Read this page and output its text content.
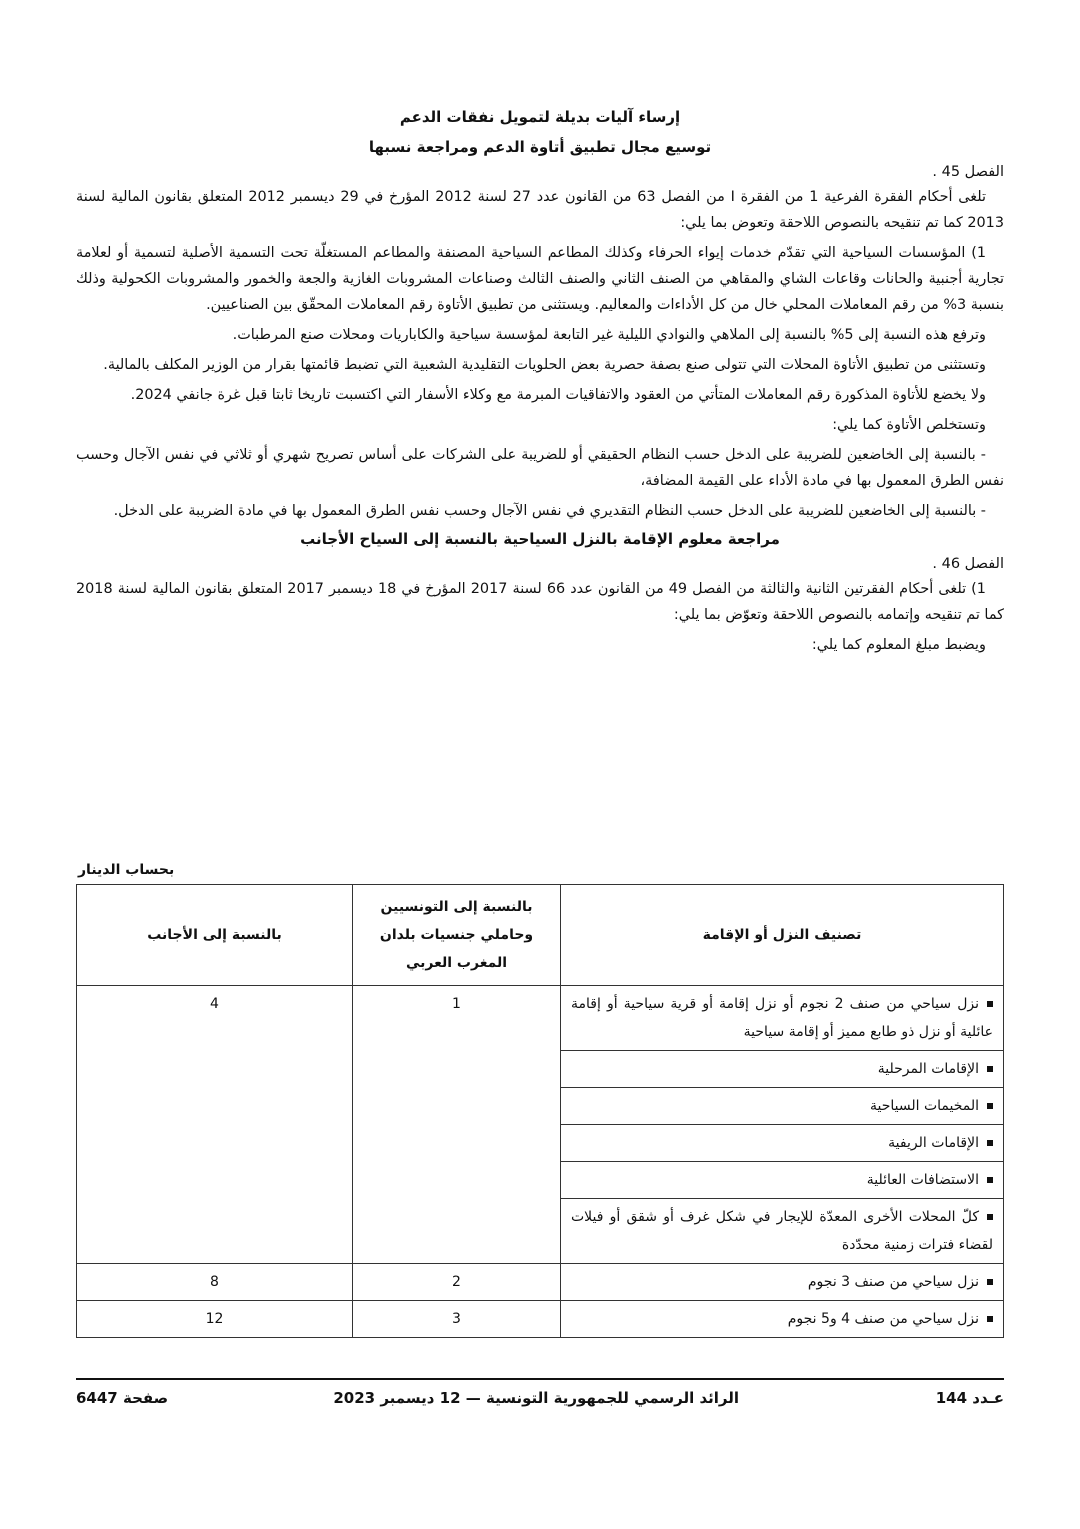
إرساء آليات بديلة لتمويل نفقات الدعم

توسيع مجال تطبيق أتاوة الدعم ومراجعة نسبها

الفصل 45 .

تلغى أحكام الفقرة الفرعية 1 من الفقرة I من الفصل 63 من القانون عدد 27 لسنة 2012 المؤرخ في 29 ديسمبر 2012 المتعلق بقانون المالية لسنة 2013 كما تم تنقيحه بالنصوص اللاحقة وتعوض بما يلي:

1) المؤسسات السياحية التي تقدّم خدمات إيواء الحرفاء وكذلك المطاعم السياحية المصنفة والمطاعم المستغلّة تحت التسمية الأصلية لتسمية أو لعلامة تجارية أجنبية والحانات وقاعات الشاي والمقاهي من الصنف الثاني والصنف الثالث وصناعات المشروبات الغازية والجعة والخمور والمشروبات الكحولية وذلك بنسبة 3% من رقم المعاملات المحلي خال من كل الأداءات والمعاليم. ويستثنى من تطبيق الأتاوة رقم المعاملات المحقّق بين الصناعيين.

وترفع هذه النسبة إلى 5% بالنسبة إلى الملاهي والنوادي الليلية غير التابعة لمؤسسة سياحية والكاباريات ومحلات صنع المرطبات.

وتستثنى من تطبيق الأتاوة المحلات التي تتولى صنع بصفة حصرية بعض الحلويات التقليدية الشعبية التي تضبط قائمتها بقرار من الوزير المكلف بالمالية.

ولا يخضع للأتاوة المذكورة رقم المعاملات المتأتي من العقود والاتفاقيات المبرمة مع وكلاء الأسفار التي اكتسبت تاريخا ثابتا قبل غرة جانفي 2024.

وتستخلص الأتاوة كما يلي:

- بالنسبة إلى الخاضعين للضريبة على الدخل حسب النظام الحقيقي أو للضريبة على الشركات على أساس تصريح شهري أو ثلاثي في نفس الآجال وحسب نفس الطرق المعمول بها في مادة الأداء على القيمة المضافة،

- بالنسبة إلى الخاضعين للضريبة على الدخل حسب النظام التقديري في نفس الآجال وحسب نفس الطرق المعمول بها في مادة الضريبة على الدخل.

مراجعة معلوم الإقامة بالنزل السياحية بالنسبة إلى السياح الأجانب

الفصل 46 .

1) تلغى أحكام الفقرتين الثانية والثالثة من الفصل 49 من القانون عدد 66 لسنة 2017 المؤرخ في 18 ديسمبر 2017 المتعلق بقانون المالية لسنة 2018 كما تم تنقيحه وإتمامه بالنصوص اللاحقة وتعوّض بما يلي:

ويضبط مبلغ المعلوم كما يلي:

بحساب الدينار
تصنيف النزل أو الإقامة	بالنسبة إلى التونسيين وحاملي جنسيات بلدان المغرب العربي	بالنسبة إلى الأجانب
نزل سياحي من صنف 2 نجوم أو نزل إقامة أو قرية سياحية أو إقامة عائلية أو نزل ذو طابع مميز أو إقامة سياحية	1	4
الإقامات المرحلية		
المخيمات السياحية		
الإقامات الريفية		
الاستضافات العائلية		
كلّ المحلات الأخرى المعدّة للإيجار في شكل غرف أو شقق أو فيلات لقضاء فترات زمنية محدّدة		
نزل سياحي من صنف 3 نجوم	2	8
نزل سياحي من صنف 4 و5 نجوم	3	12
عـدد 144
الرائد الرسمي للجمهورية التونسية — 12 ديسمبر 2023
صفحة 6447
